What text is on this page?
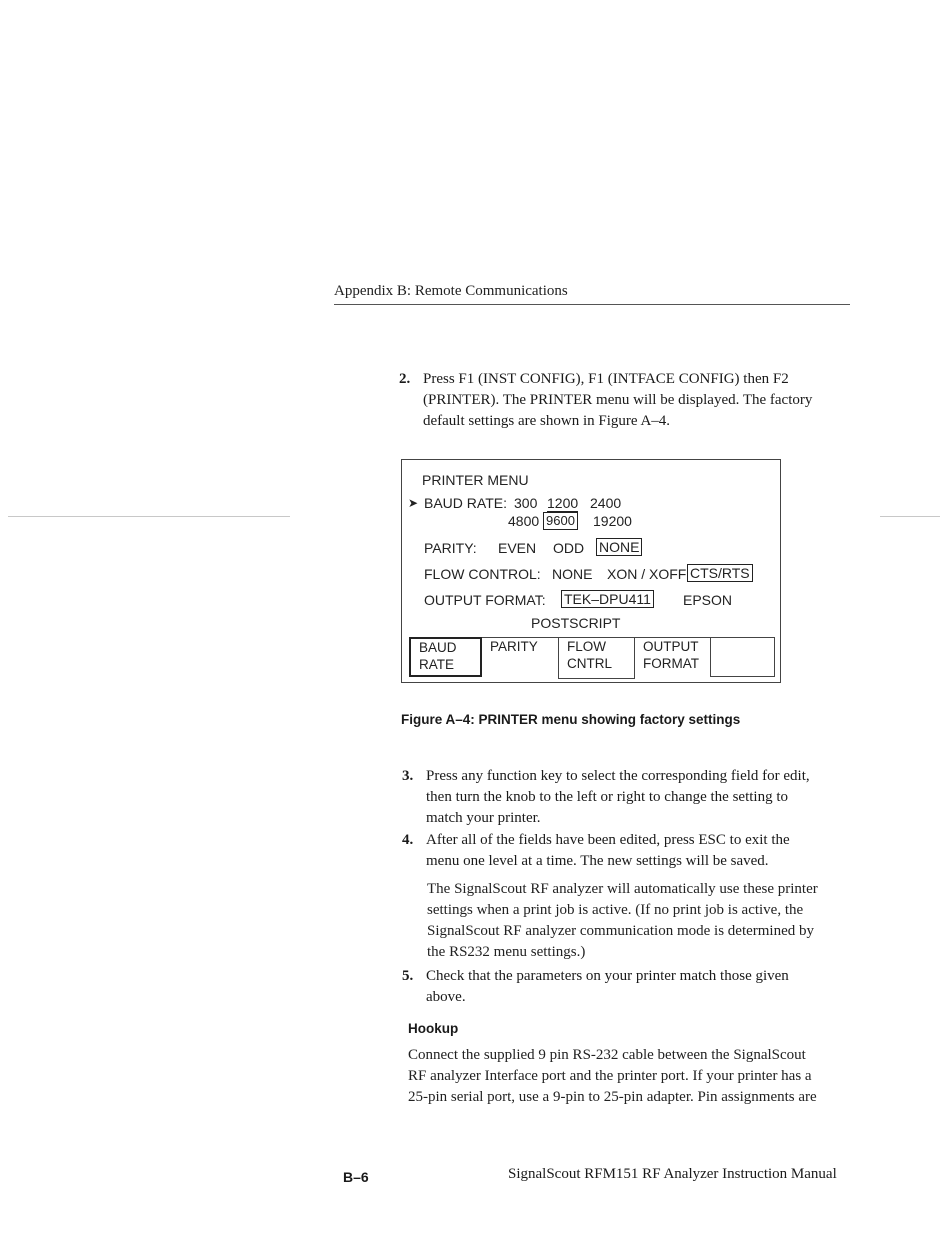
Appendix B: Remote Communications
2. Press F1 (INST CONFIG), F1 (INTFACE CONFIG) then F2
(PRINTER). The PRINTER menu will be displayed. The factory
default settings are shown in Figure A–4.
PRINTER MENU
➤ BAUD RATE: 300 1200 2400
4800 9600 19200
PARITY: EVEN ODD NONE
FLOW CONTROL: NONE XON / XOFF CTS/RTS
OUTPUT FORMAT: TEK–DPU411 EPSON
POSTSCRIPT
BAUD
RATE
PARITY	FLOW
CNTRL
OUTPUT
FORMAT
Figure A–4: PRINTER menu showing factory settings
3. Press any function key to select the corresponding field for edit,
then turn the knob to the left or right to change the setting to
match your printer.
4. After all of the fields have been edited, press ESC to exit the
menu one level at a time. The new settings will be saved.
The SignalScout RF analyzer will automatically use these printer
settings when a print job is active. (If no print job is active, the
SignalScout RF analyzer communication mode is determined by
the RS232 menu settings.)
5. Check that the parameters on your printer match those given
above.
Hookup
Connect the supplied 9 pin RS-232 cable between the SignalScout
RF analyzer Interface port and the printer port. If your printer has a
25-pin serial port, use a 9-pin to 25-pin adapter. Pin assignments are
B–6	SignalScout RFM151 RF Analyzer Instruction Manual
